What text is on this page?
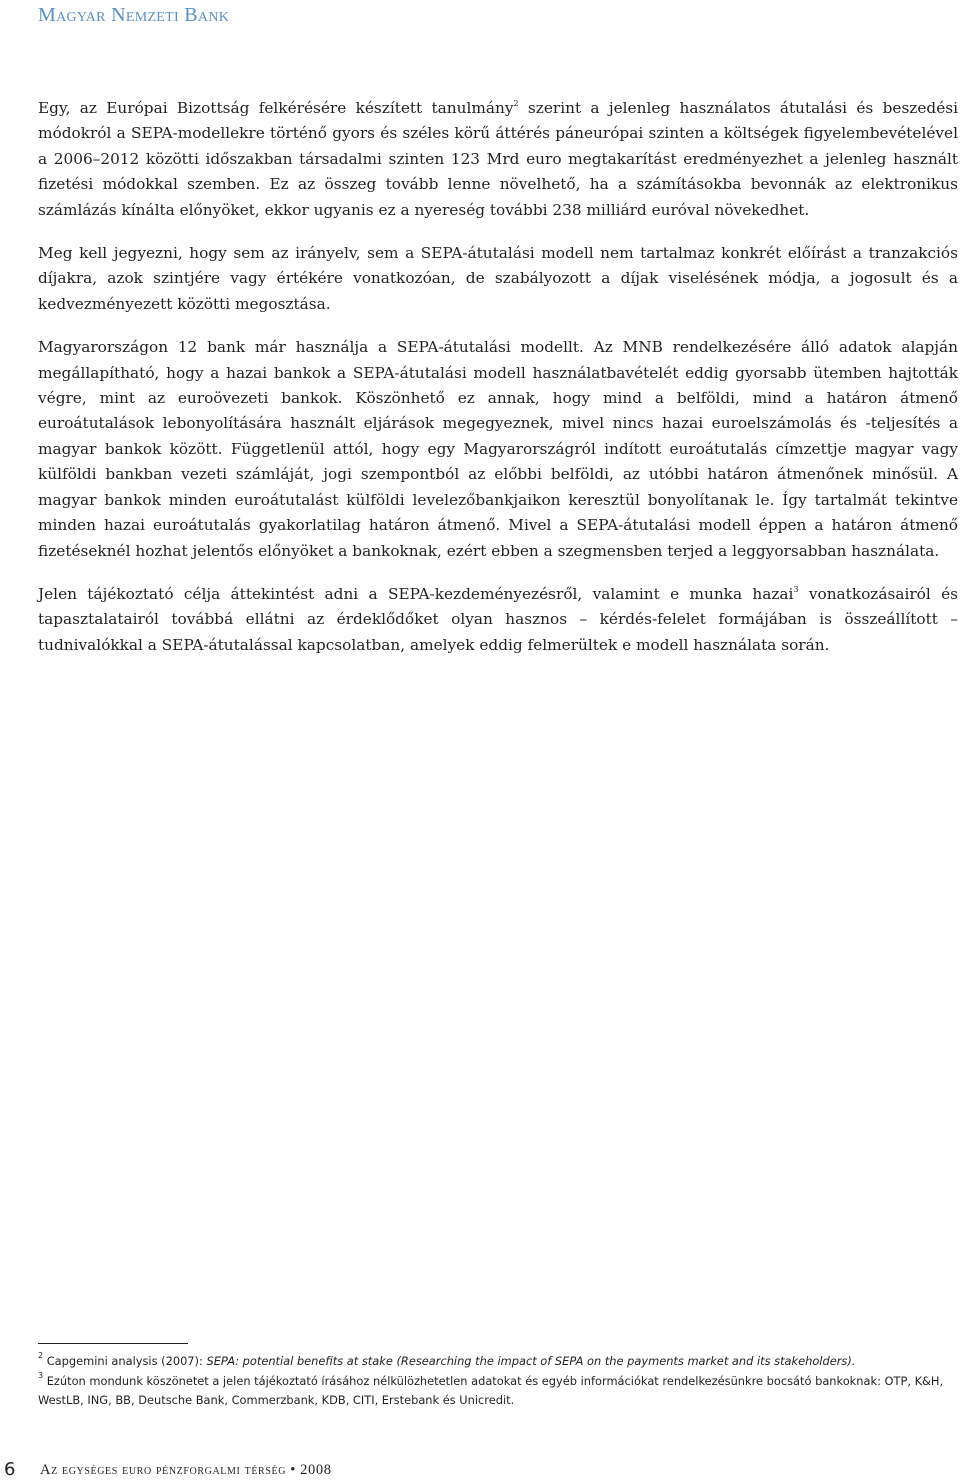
Magyar Nemzeti Bank

Egy, az Európai Bizottság felkérésére készített tanulmány$^2$ szerint a jelenleg használatos átutalási és beszedési módokról a SEPA-modellekre történő gyors és széles körű áttérés páneurópai szinten a költségek figyelembevételével a 2006–2012 közötti időszakban társadalmi szinten 123 Mrd euro megtakarítást eredményezhet a jelenleg használt fizetési módokkal szemben. Ez az összeg tovább lenne növelhető, ha a számításokba bevonnák az elektronikus számlázás kínálta előnyöket, ekkor ugyanis ez a nyereség további 238 milliárd euróval növekedhet.

Meg kell jegyezni, hogy sem az irányelv, sem a SEPA-átutalási modell nem tartalmaz konkrét előírást a tranzakciós díjakra, azok szintjére vagy értékére vonatkozóan, de szabályozott a díjak viselésének módja, a jogosult és a kedvezményezett közötti megosztása.

Magyarországon 12 bank már használja a SEPA-átutalási modellt. Az MNB rendelkezésére álló adatok alapján megállapítható, hogy a hazai bankok a SEPA-átutalási modell használatbavételét eddig gyorsabb ütemben hajtották végre, mint az euroövezeti bankok. Köszönhető ez annak, hogy mind a belföldi, mind a határon átmenő euroátutalások lebonyolítására használt eljárások megegyeznek, mivel nincs hazai euroelszámolás és -teljesítés a magyar bankok között. Függetlenül attól, hogy egy Magyarországról indított euroátutalás címzettje magyar vagy külföldi bankban vezeti számláját, jogi szempontból az előbbi belföldi, az utóbbi határon átmenőnek minősül. A magyar bankok minden euroátutalást külföldi levelezőbankjaikon keresztül bonyolítanak le. Így tartalmát tekintve minden hazai euroátutalás gyakorlatilag határon átmenő. Mivel a SEPA-átutalási modell éppen a határon átmenő fizetéseknél hozhat jelentős előnyöket a bankoknak, ezért ebben a szegmensben terjed a leggyorsabban használata.

Jelen tájékoztató célja áttekintést adni a SEPA-kezdeményezésről, valamint e munka hazai$^3$ vonatkozásairól és tapasztalatairól továbbá ellátni az érdeklődőket olyan hasznos – kérdés-felelet formájában is összeállított – tudnivalókkal a SEPA-átutalással kapcsolatban, amelyek eddig felmerültek e modell használata során.

$^2$ Capgemini analysis (2007): SEPA: potential benefits at stake (Researching the impact of SEPA on the payments market and its stakeholders).

$^3$ Ezúton mondunk köszönetet a jelen tájékoztató írásához nélkülözhetetlen adatokat és egyéb információkat rendelkezésünkre bocsátó bankoknak: OTP, K&H, WestLB, ING, BB, Deutsche Bank, Commerzbank, KDB, CITI, Erstebank és Unicredit.

6 Az egységes euro pénzforgalmi térség • 2008
